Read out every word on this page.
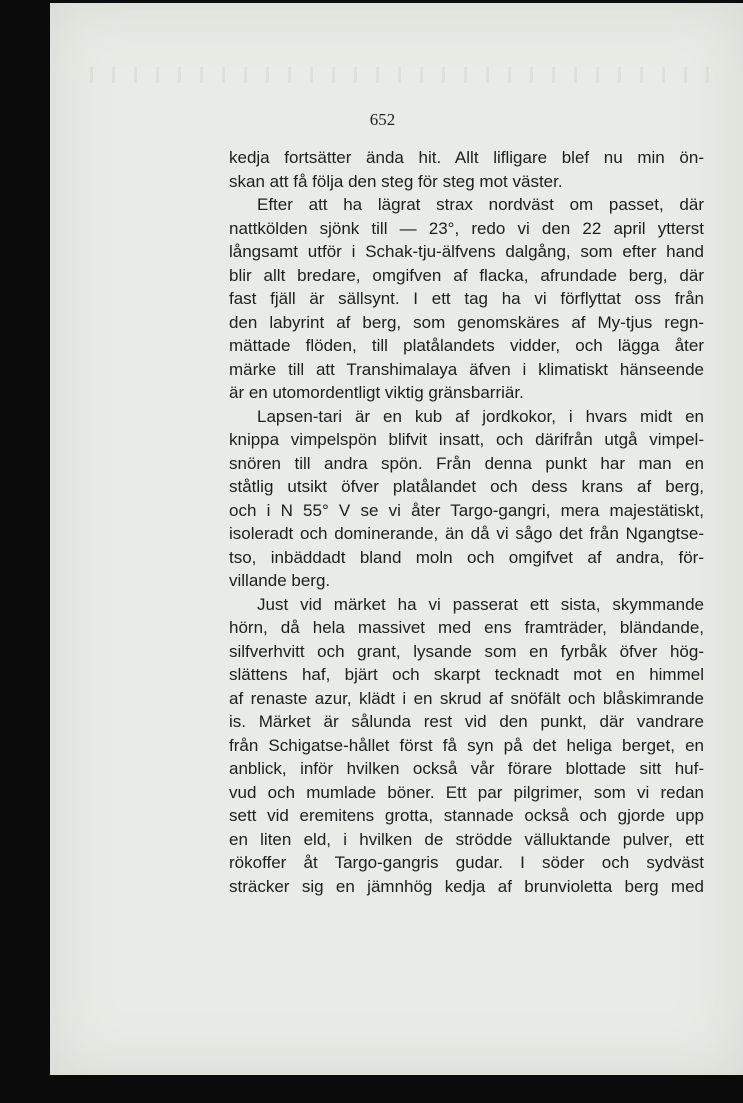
652
kedja fortsätter ända hit. Allt lifligare blef nu min ön-
skan att få följa den steg för steg mot väster.
Efter att ha lägrat strax nordväst om passet, där
nattkölden sjönk till — 23°, redo vi den 22 april ytterst
långsamt utför i Schak-tju-älfvens dalgång, som efter hand
blir allt bredare, omgifven af flacka, afrundade berg, där
fast fjäll är sällsynt. I ett tag ha vi förflyttat oss från
den labyrint af berg, som genomskäres af My-tjus regn-
mättade flöden, till platålandets vidder, och lägga åter
märke till att Transhimalaya äfven i klimatiskt hänseende
är en utomordentligt viktig gränsbarriär.
Lapsen-tari är en kub af jordkokor, i hvars midt en
knippa vimpelspön blifvit insatt, och därifrån utgå vimpel-
snören till andra spön. Från denna punkt har man en
ståtlig utsikt öfver platålandet och dess krans af berg,
och i N 55° V se vi åter Targo-gangri, mera majestätiskt,
isoleradt och dominerande, än då vi sågo det från Ngangtse-
tso, inbäddadt bland moln och omgifvet af andra, för-
villande berg.
Just vid märket ha vi passerat ett sista, skymmande
hörn, då hela massivet med ens framträder, bländande,
silfverhvitt och grant, lysande som en fyrbåk öfver hög-
slättens haf, bjärt och skarpt tecknadt mot en himmel
af renaste azur, klädt i en skrud af snöfält och blåskimrande
is. Märket är sålunda rest vid den punkt, där vandrare
från Schigatse-hållet först få syn på det heliga berget, en
anblick, inför hvilken också vår förare blottade sitt huf-
vud och mumlade böner. Ett par pilgrimer, som vi redan
sett vid eremitens grotta, stannade också och gjorde upp
en liten eld, i hvilken de strödde välluktande pulver, ett
rökoffer åt Targo-gangris gudar. I söder och sydväst
sträcker sig en jämnhög kedja af brunvioletta berg med
